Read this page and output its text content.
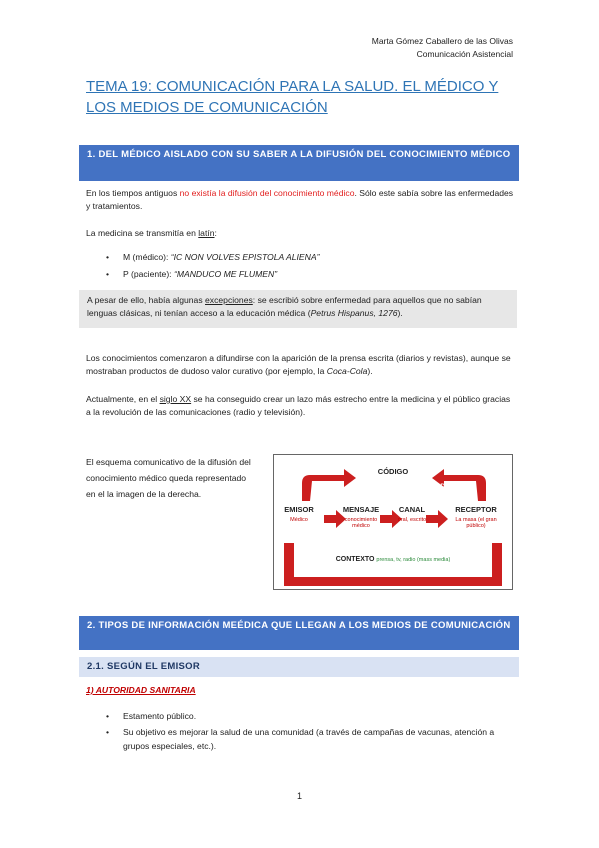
Marta Gómez Caballero de las Olivas
Comunicación Asistencial
TEMA 19: COMUNICACIÓN PARA LA SALUD. EL MÉDICO Y LOS MEDIOS DE COMUNICACIÓN
1. DEL MÉDICO AISLADO CON SU SABER A LA DIFUSIÓN DEL CONOCIMIENTO MÉDICO

En los tiempos antiguos no existía la difusión del conocimiento médico. Sólo este sabía sobre las enfermedades y tratamientos.

La medicina se transmitía en latín:

• M (médico): “IC NON VOLVES EPISTOLA ALIENA”
• P (paciente): “MANDUCO ME FLUMEN”

A pesar de ello, había algunas excepciones: se escribió sobre enfermedad para aquellos que no sabían lenguas clásicas, ni tenían acceso a la educación médica (Petrus Hispanus, 1276).

Los conocimientos comenzaron a difundirse con la aparición de la prensa escrita (diarios y revistas), aunque se mostraban productos de dudoso valor curativo (por ejemplo, la Coca-Cola).

Actualmente, en el siglo XX se ha conseguido crear un lazo más estrecho entre la medicina y el público gracias a la revolución de las comunicaciones (radio y televisión).

El esquema comunicativo de la difusión del conocimiento médico queda representado en el la imagen de la derecha.

CÓDIGO
CODIF	DECODIF
EMISOR
Médico
MENSAJE
conocimiento médico
CANAL
oral, escrito
RECEPTOR
La masa (el gran público)
CONTEXTO prensa, tv, radio (mass media)
2. TIPOS DE INFORMACIÓN MEÉDICA QUE LLEGAN A LOS MEDIOS DE COMUNICACIÓN
2.1. SEGÚN EL EMISOR
1) AUTORIDAD SANITARIA
• Estamento público.
• Su objetivo es mejorar la salud de una comunidad (a través de campañas de vacunas, atención a grupos especiales, etc.).
1
